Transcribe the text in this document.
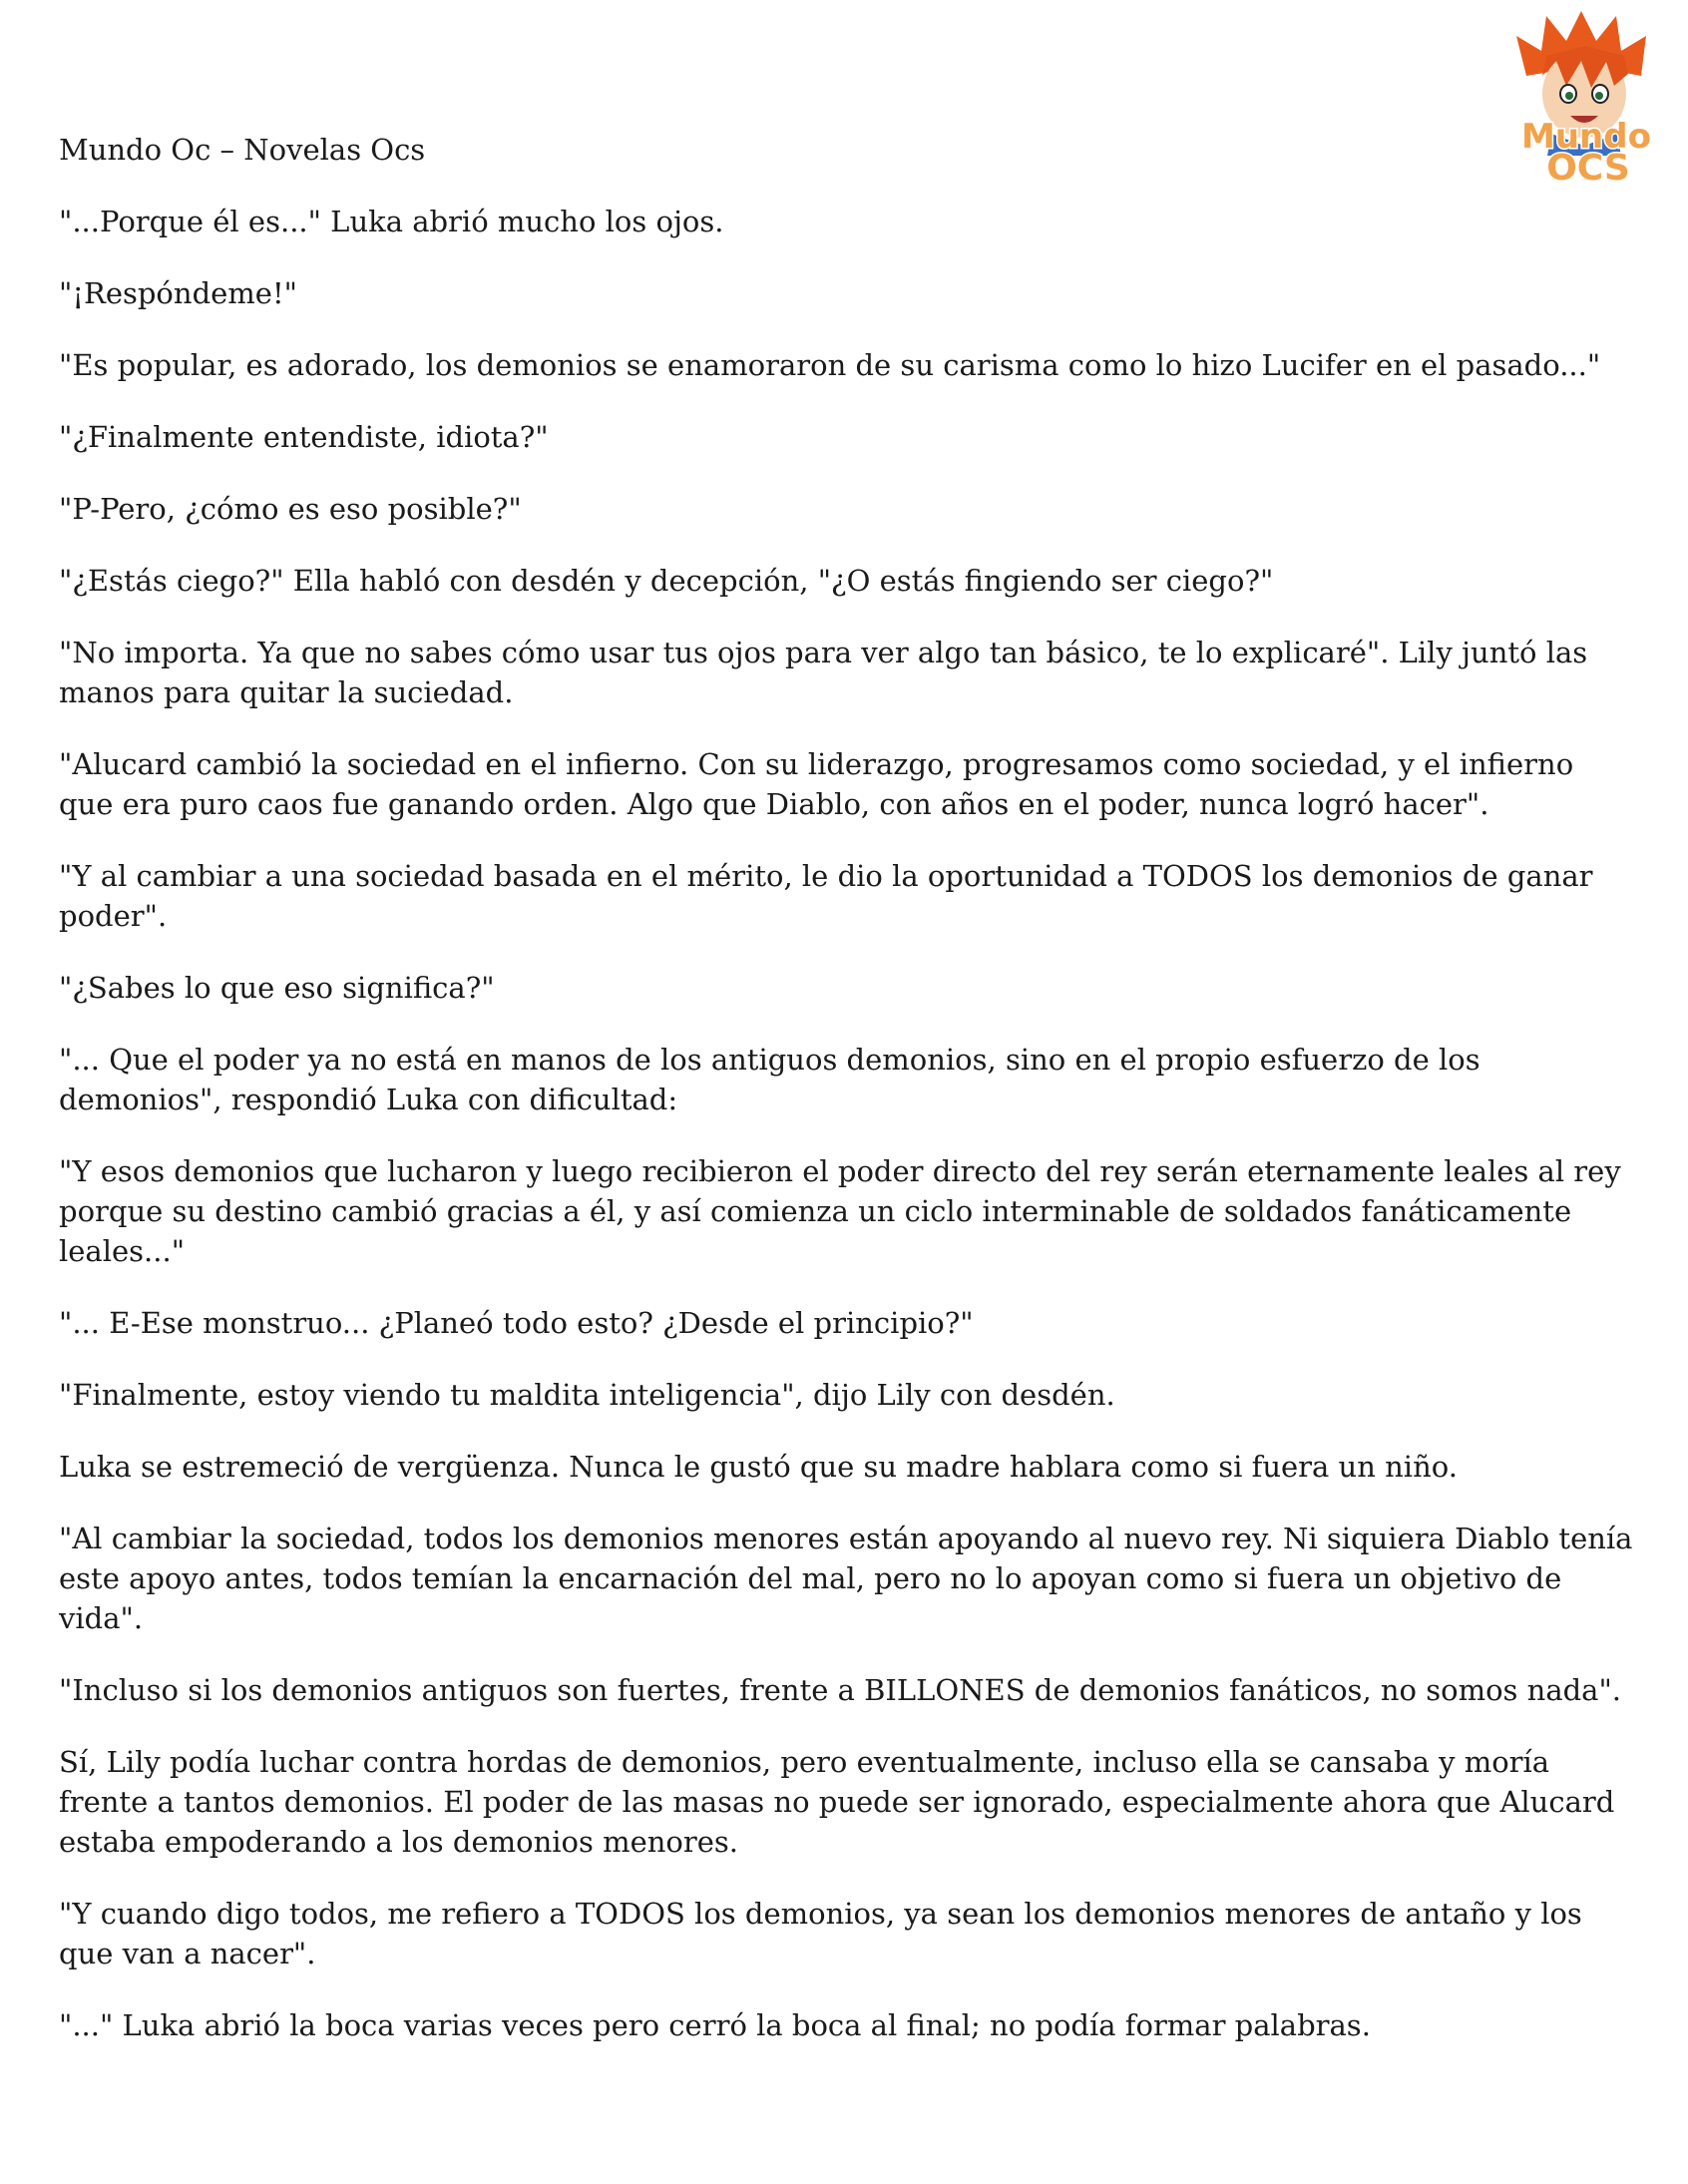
Mundo
OCS
Mundo Oc – Novelas Ocs

"...Porque él es..." Luka abrió mucho los ojos.

"¡Respóndeme!"

"Es popular, es adorado, los demonios se enamoraron de su carisma como lo hizo Lucifer en el pasado..."

"¿Finalmente entendiste, idiota?"

"P-Pero, ¿cómo es eso posible?"

"¿Estás ciego?" Ella habló con desdén y decepción, "¿O estás fingiendo ser ciego?"

"No importa. Ya que no sabes cómo usar tus ojos para ver algo tan básico, te lo explicaré". Lily juntó las manos para quitar la suciedad.

"Alucard cambió la sociedad en el infierno. Con su liderazgo, progresamos como sociedad, y el infierno que era puro caos fue ganando orden. Algo que Diablo, con años en el poder, nunca logró hacer".

"Y al cambiar a una sociedad basada en el mérito, le dio la oportunidad a TODOS los demonios de ganar poder".

"¿Sabes lo que eso significa?"

"... Que el poder ya no está en manos de los antiguos demonios, sino en el propio esfuerzo de los demonios", respondió Luka con dificultad:

"Y esos demonios que lucharon y luego recibieron el poder directo del rey serán eternamente leales al rey porque su destino cambió gracias a él, y así comienza un ciclo interminable de soldados fanáticamente leales..."

"... E-Ese monstruo... ¿Planeó todo esto? ¿Desde el principio?"

"Finalmente, estoy viendo tu maldita inteligencia", dijo Lily con desdén.

Luka se estremeció de vergüenza. Nunca le gustó que su madre hablara como si fuera un niño.

"Al cambiar la sociedad, todos los demonios menores están apoyando al nuevo rey. Ni siquiera Diablo tenía este apoyo antes, todos temían la encarnación del mal, pero no lo apoyan como si fuera un objetivo de vida".

"Incluso si los demonios antiguos son fuertes, frente a BILLONES de demonios fanáticos, no somos nada".

Sí, Lily podía luchar contra hordas de demonios, pero eventualmente, incluso ella se cansaba y moría frente a tantos demonios. El poder de las masas no puede ser ignorado, especialmente ahora que Alucard estaba empoderando a los demonios menores.

"Y cuando digo todos, me refiero a TODOS los demonios, ya sean los demonios menores de antaño y los que van a nacer".

"..." Luka abrió la boca varias veces pero cerró la boca al final; no podía formar palabras.
